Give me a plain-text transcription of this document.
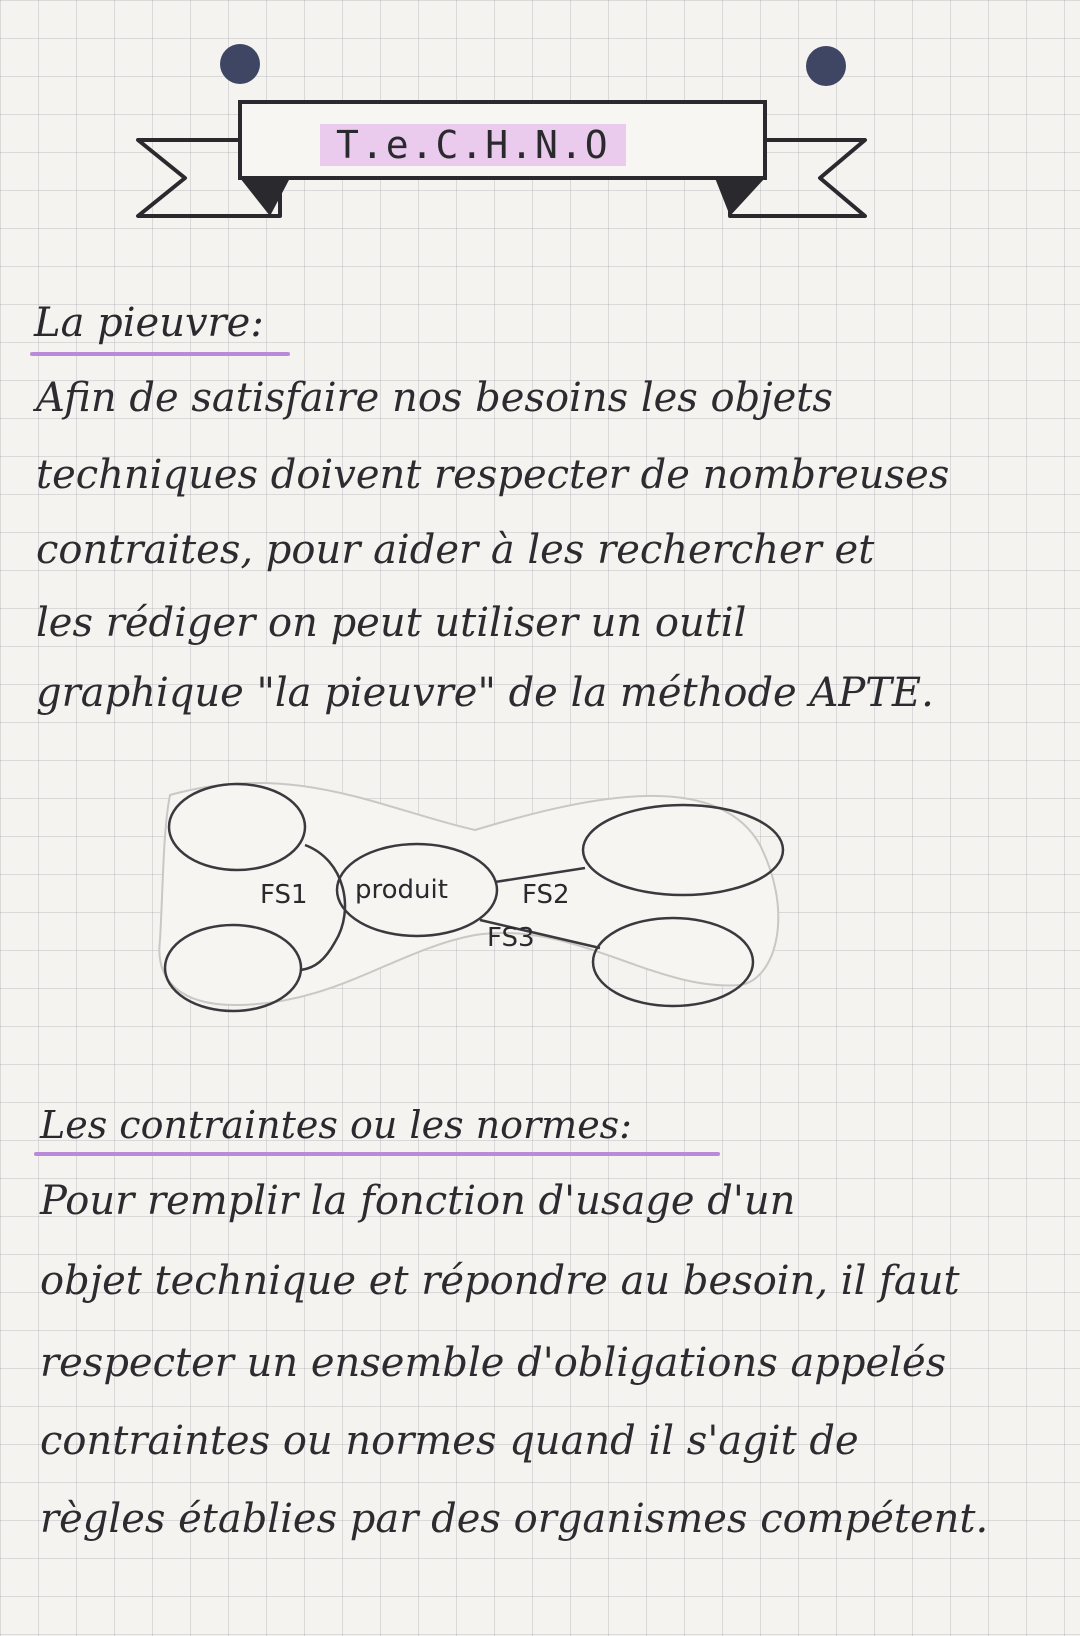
T.e.C.H.N.O
La pieuvre:
Afin de satisfaire nos besoins les objets
techniques doivent respecter de nombreuses
contraites, pour aider à les rechercher et
les rédiger on peut utiliser un outil
graphique "la pieuvre" de la méthode APTE.
FS1 produit	FS2
FS3
Les contraintes ou les normes:
Pour remplir la fonction d'usage d'un
objet technique et répondre au besoin, il faut
respecter un ensemble d'obligations appelés
contraintes ou normes quand il s'agit de
règles établies par des organismes compétent.
